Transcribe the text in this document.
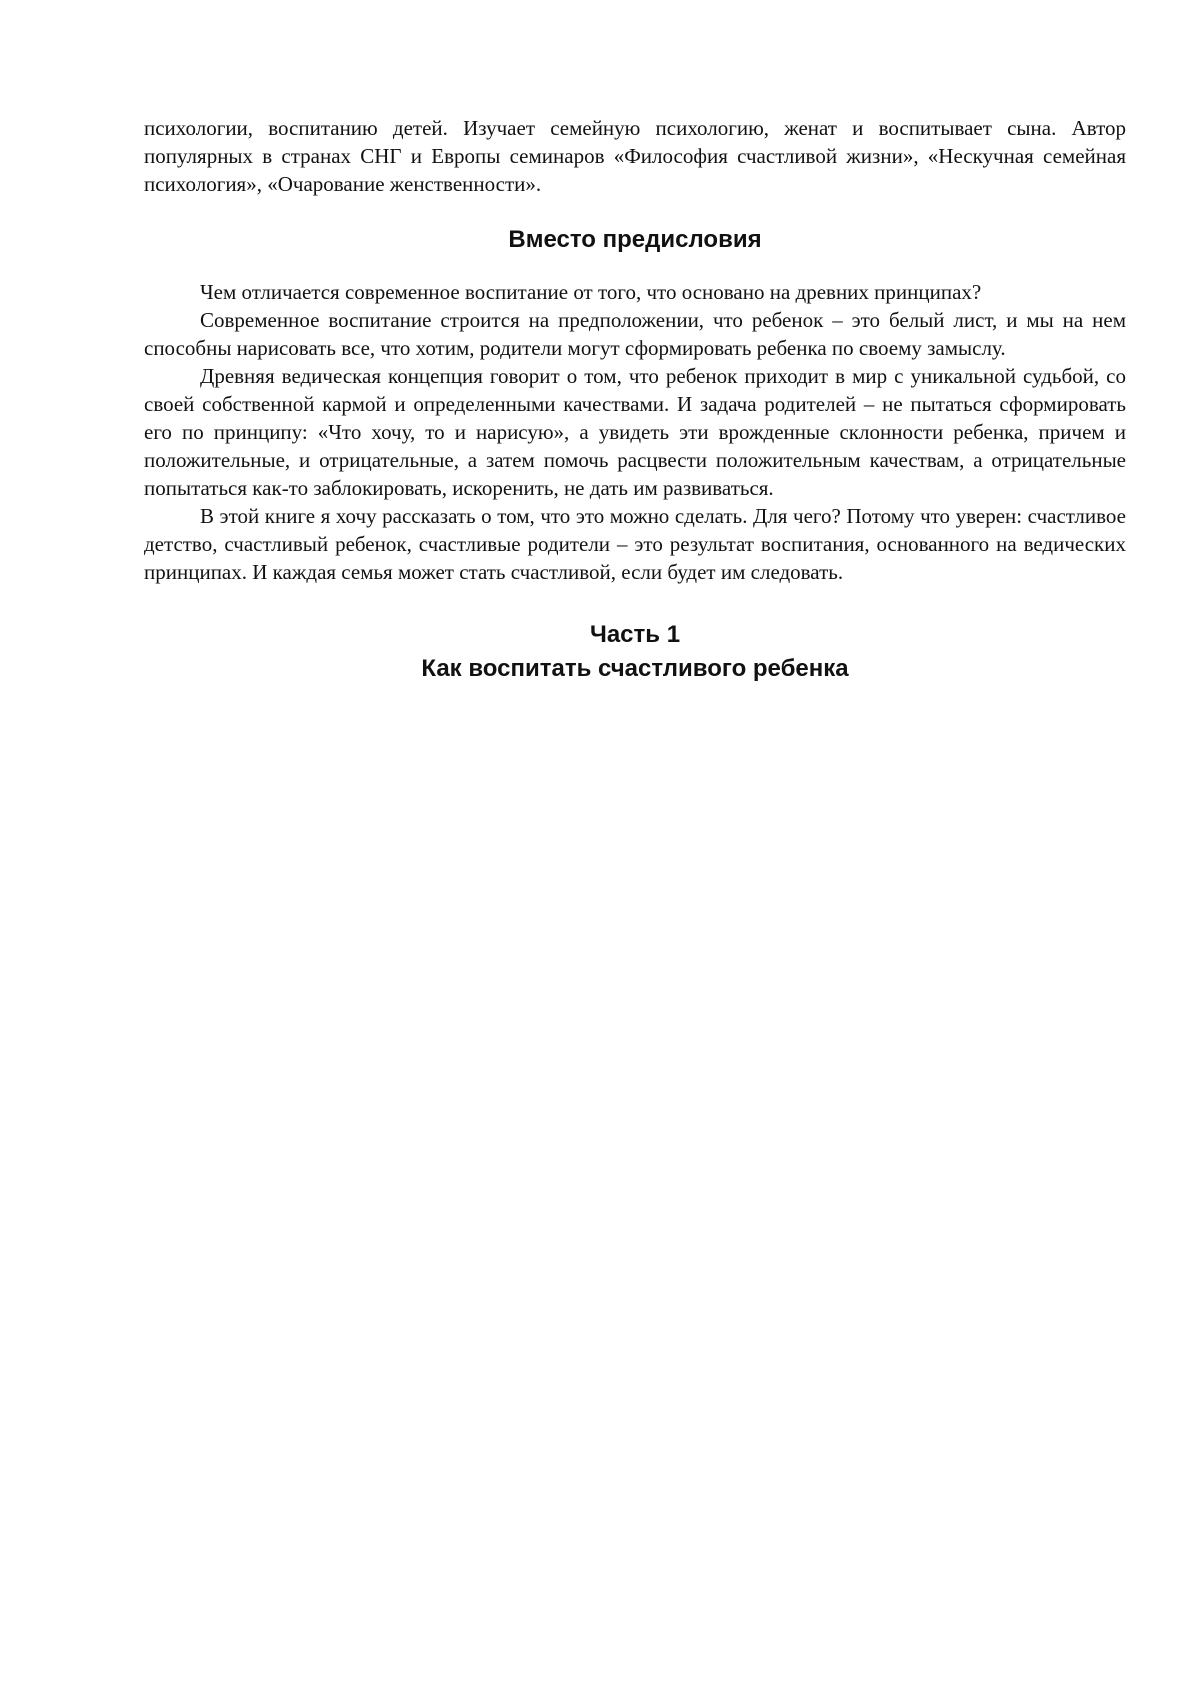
психологии, воспитанию детей. Изучает семейную психологию, женат и воспитывает сына. Автор популярных в странах СНГ и Европы семинаров «Философия счастливой жизни», «Нескучная семейная психология», «Очарование женственности».

Вместо предисловия

Чем отличается современное воспитание от того, что основано на древних принципах?

Современное воспитание строится на предположении, что ребенок – это белый лист, и мы на нем способны нарисовать все, что хотим, родители могут сформировать ребенка по своему замыслу.

Древняя ведическая концепция говорит о том, что ребенок приходит в мир с уникальной судьбой, со своей собственной кармой и определенными качествами. И задача родителей – не пытаться сформировать его по принципу: «Что хочу, то и нарисую», а увидеть эти врожденные склонности ребенка, причем и положительные, и отрицательные, а затем помочь расцвести положительным качествам, а отрицательные попытаться как-то заблокировать, искоренить, не дать им развиваться.

В этой книге я хочу рассказать о том, что это можно сделать. Для чего? Потому что уверен: счастливое детство, счастливый ребенок, счастливые родители – это результат воспитания, основанного на ведических принципах. И каждая семья может стать счастливой, если будет им следовать.

Часть 1
Как воспитать счастливого ребенка
